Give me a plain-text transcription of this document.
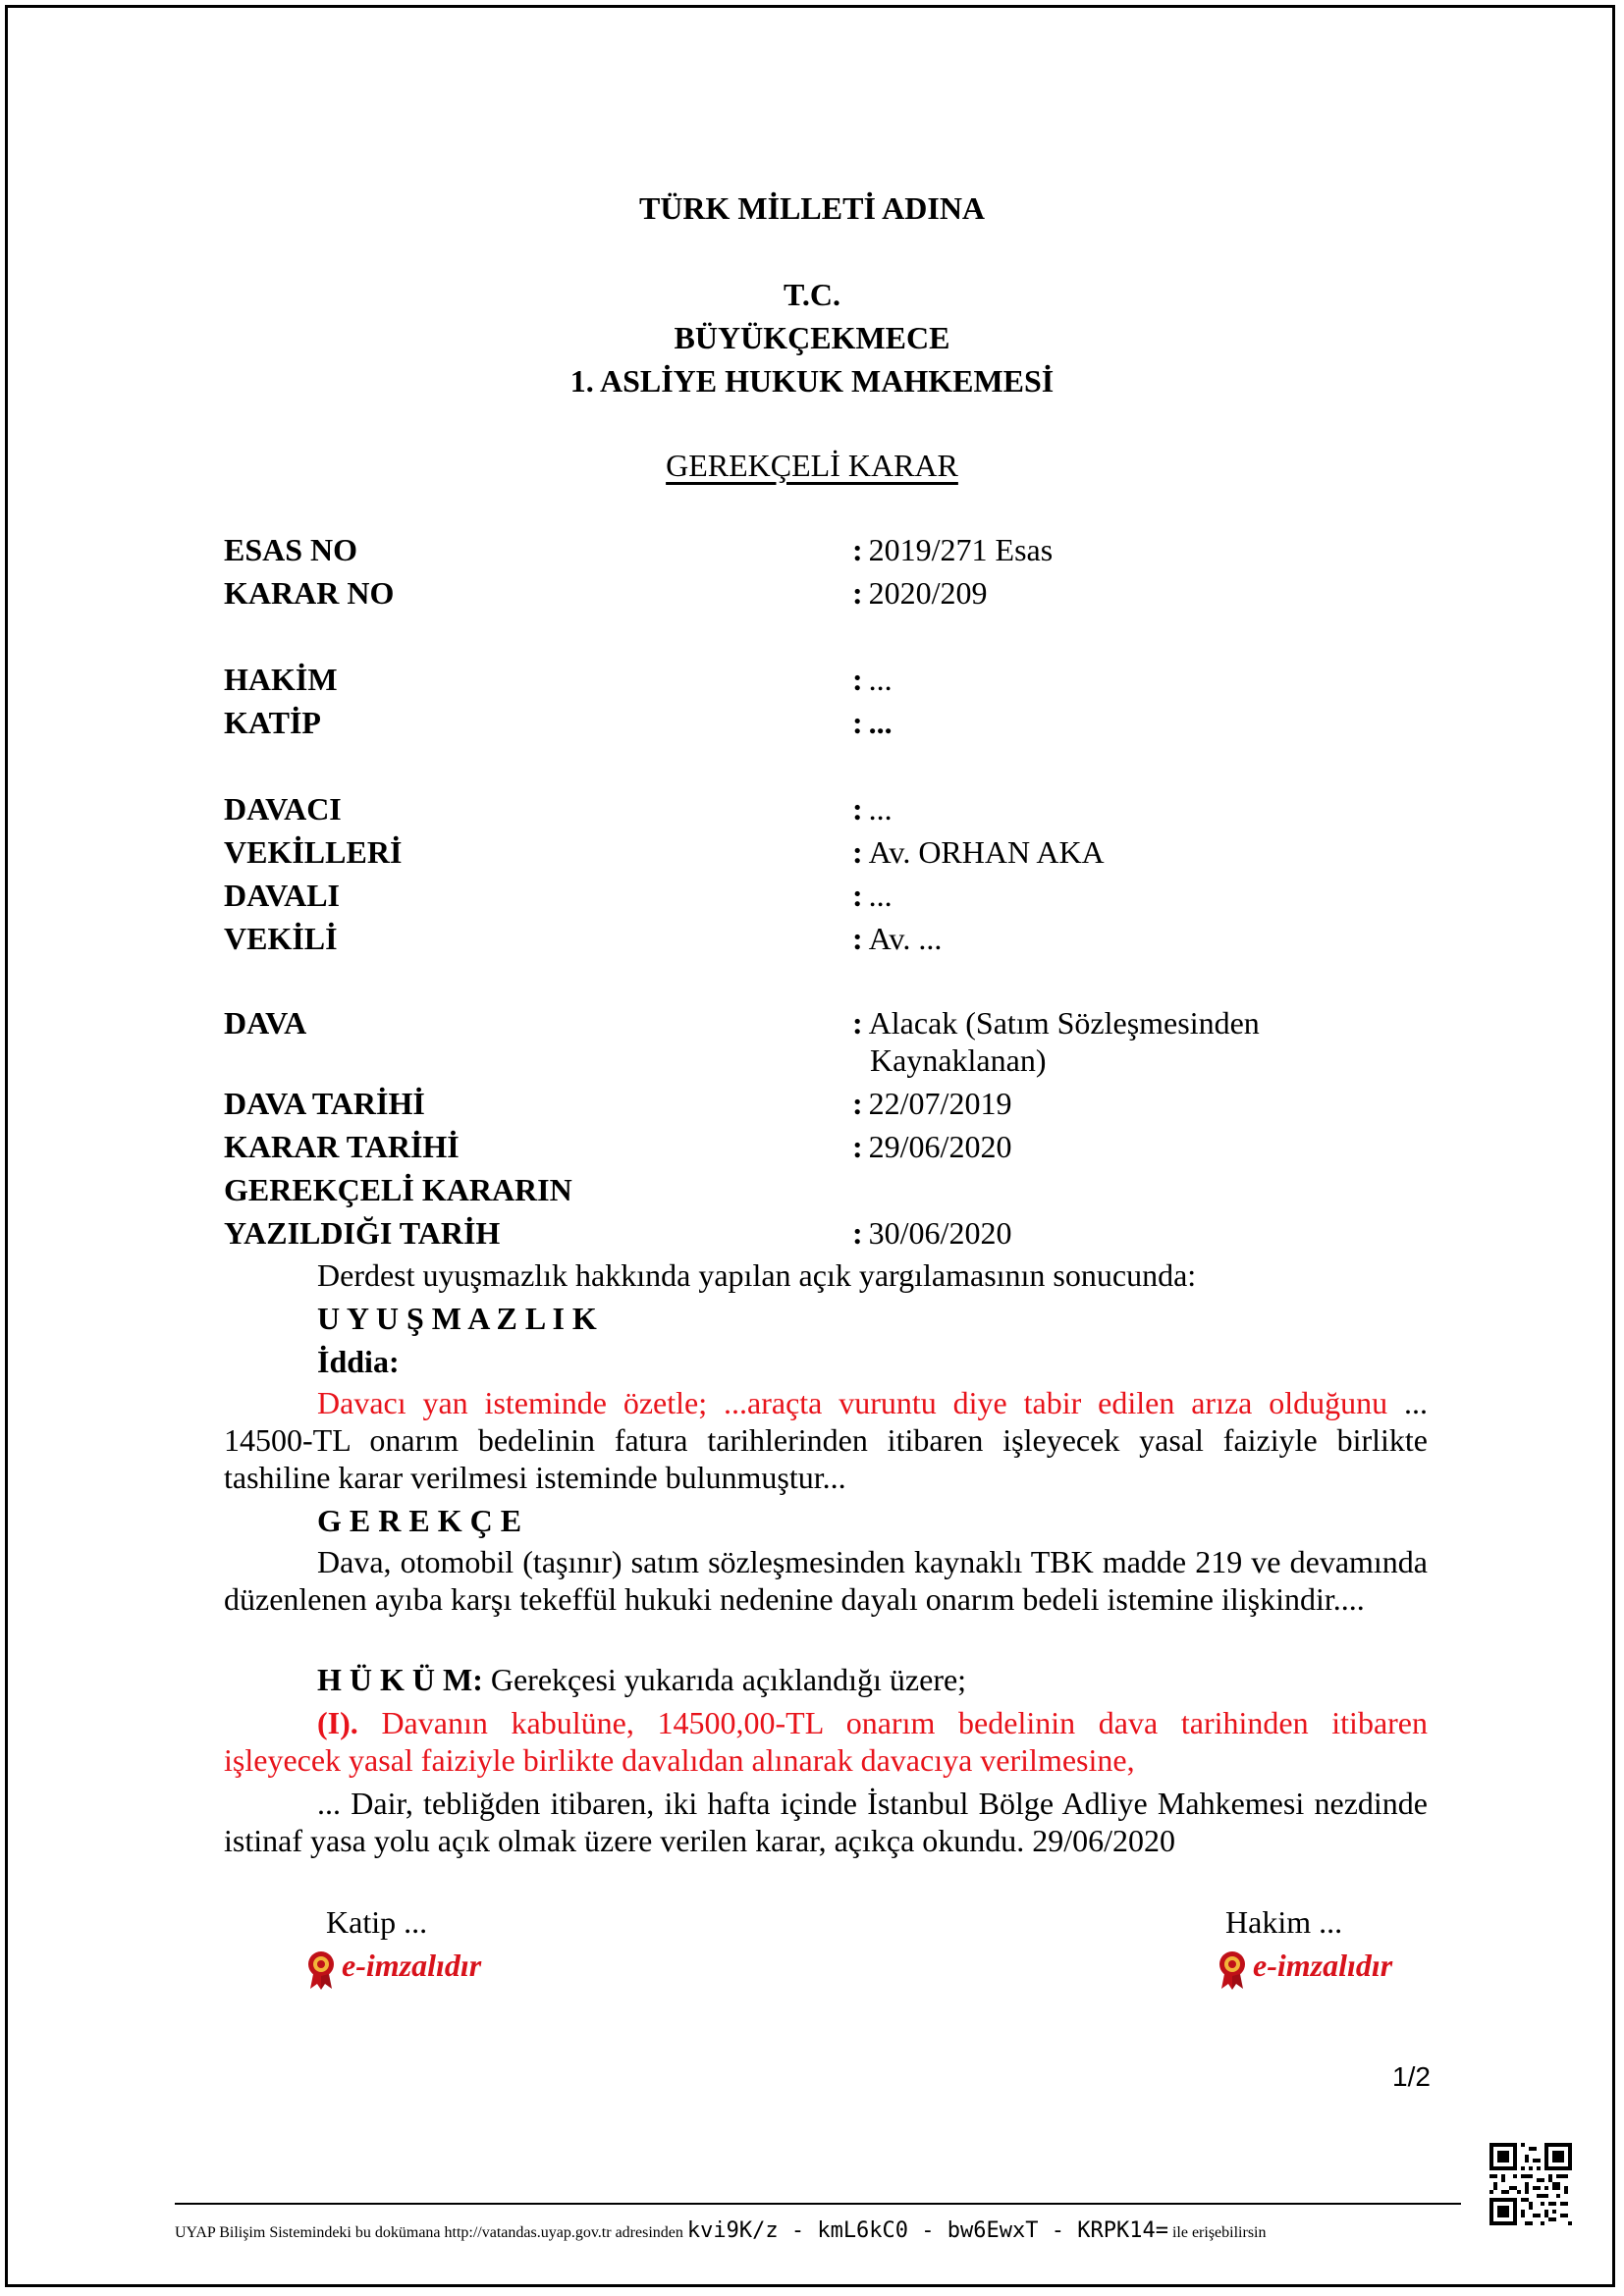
TÜRK MİLLETİ ADINA
T.C.
BÜYÜKÇEKMECE
1. ASLİYE HUKUK MAHKEMESİ
GEREKÇELİ KARAR
ESAS NO	: 2019/271 Esas
KARAR NO	: 2020/209
HAKİM	: ...
KATİP	: ...
DAVACI	: ...
VEKİLLERİ	: Av. ORHAN AKA
DAVALI	: ...
VEKİLİ	: Av. ...
DAVA	: Alacak (Satım Sözleşmesinden
Kaynaklanan)
DAVA TARİHİ	: 22/07/2019
KARAR TARİHİ	: 29/06/2020
GEREKÇELİ KARARIN
YAZILDIĞI TARİH	: 30/06/2020
Derdest uyuşmazlık hakkında yapılan açık yargılamasının sonucunda:
U Y U Ş M A Z L I K
İddia:
Davacı yan isteminde özetle; ...araçta vuruntu diye tabir edilen arıza olduğunu ... 14500-TL onarım bedelinin fatura tarihlerinden itibaren işleyecek yasal faiziyle birlikte tashiline karar verilmesi isteminde bulunmuştur...
G E R E K Ç E
Dava, otomobil (taşınır) satım sözleşmesinden kaynaklı TBK madde 219 ve devamında düzenlenen ayıba karşı tekeffül hukuki nedenine dayalı onarım bedeli istemine ilişkindir....
H Ü K Ü M: Gerekçesi yukarıda açıklandığı üzere;
(I). Davanın kabulüne, 14500,00-TL onarım bedelinin dava tarihinden itibaren işleyecek yasal faiziyle birlikte davalıdan alınarak davacıya verilmesine,
... Dair, tebliğden itibaren, iki hafta içinde İstanbul Bölge Adliye Mahkemesi nezdinde istinaf yasa yolu açık olmak üzere verilen karar, açıkça okundu. 29/06/2020
Katip ...
e-imzalıdır
Hakim ...
e-imzalıdır
1/2
UYAP Bilişim Sistemindeki bu dokümana http://vatandas.uyap.gov.tr adresinden kvi9K/z - kmL6kC0 - bw6EwxT - KRPK14= ile erişebilirsin
